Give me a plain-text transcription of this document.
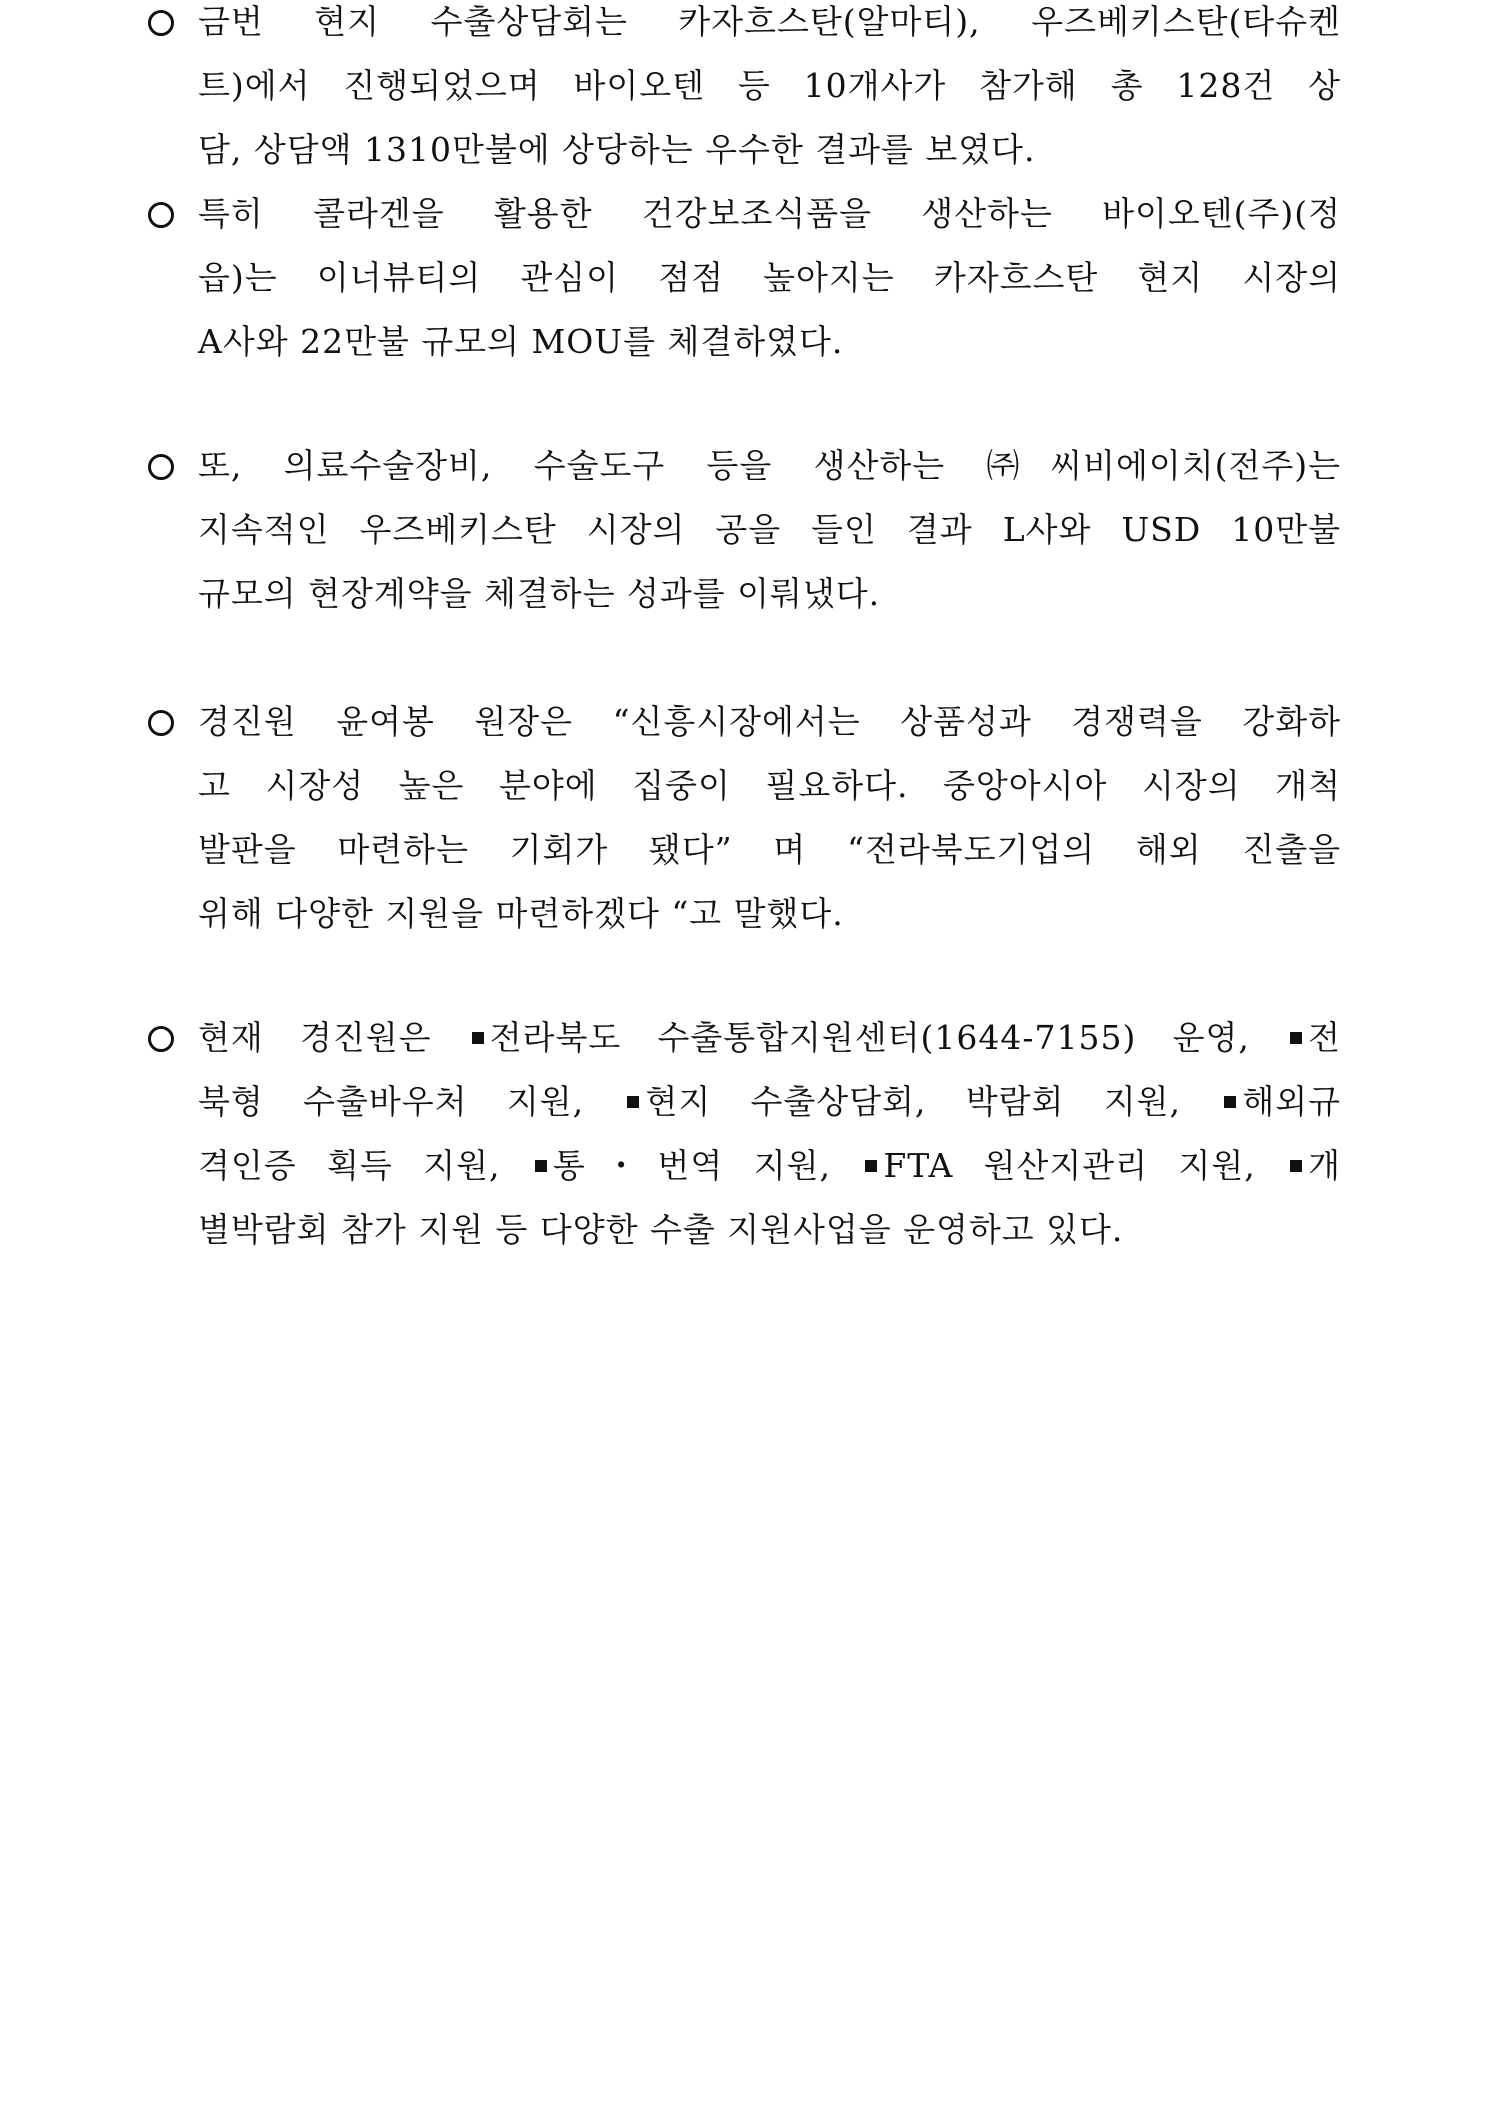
금번 현지 수출상담회는 카자흐스탄(알마티), 우즈베키스탄(타슈켄
트)에서 진행되었으며 바이오텐 등 10개사가 참가해 총 128건 상
담, 상담액 1310만불에 상당하는 우수한 결과를 보였다.
특히 콜라겐을 활용한 건강보조식품을 생산하는 바이오텐(주)(정
읍)는 이너뷰티의 관심이 점점 높아지는 카자흐스탄 현지 시장의
A사와 22만불 규모의 MOU를 체결하였다.
또, 의료수술장비, 수술도구 등을 생산하는 ㈜씨비에이치(전주)는
지속적인 우즈베키스탄 시장의 공을 들인 결과 L사와 USD 10만불
규모의 현장계약을 체결하는 성과를 이뤄냈다.
경진원 윤여봉 원장은 “신흥시장에서는 상품성과 경쟁력을 강화하
고 시장성 높은 분야에 집중이 필요하다. 중앙아시아 시장의 개척
발판을 마련하는 기회가 됐다” 며 “전라북도기업의 해외 진출을
위해 다양한 지원을 마련하겠다 “고 말했다.
현재 경진원은 전라북도 수출통합지원센터(1644-7155) 운영, 전
북형 수출바우처 지원, 현지 수출상담회, 박람회 지원, 해외규
격인증 획득 지원, 통・번역 지원, FTA 원산지관리 지원, 개
별박람회 참가 지원 등 다양한 수출 지원사업을 운영하고 있다.
